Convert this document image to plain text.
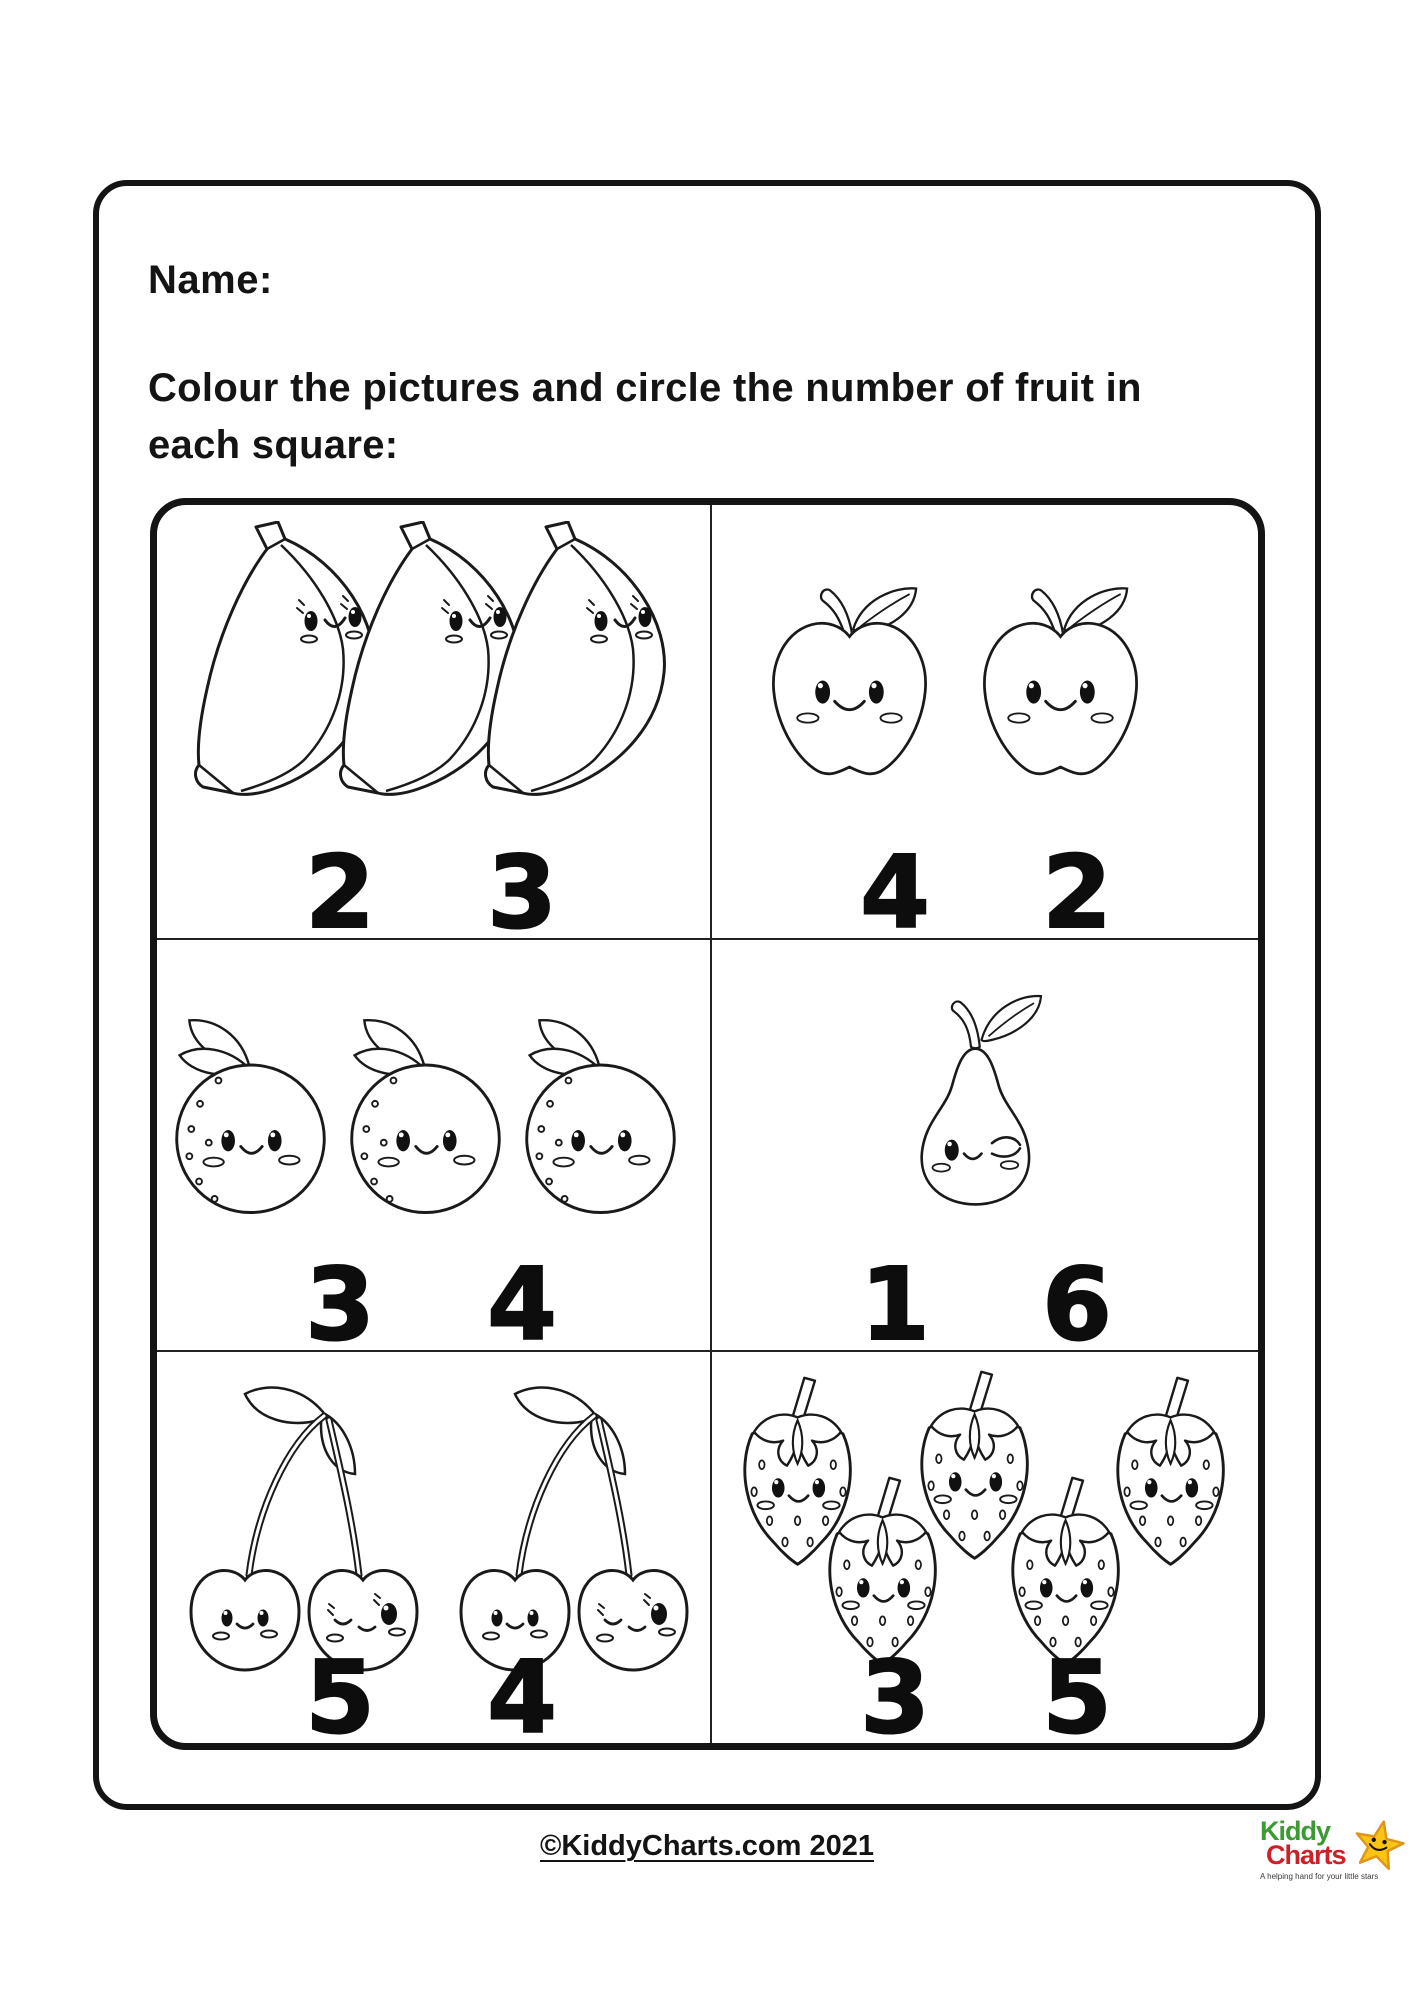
Name:
Colour the pictures and circle the number of fruit in
each square:
2	3	4	2
3	4	1	6
5	4	3	5
©KiddyCharts.com 2021	Kiddy
Charts
A helping hand for your little stars
